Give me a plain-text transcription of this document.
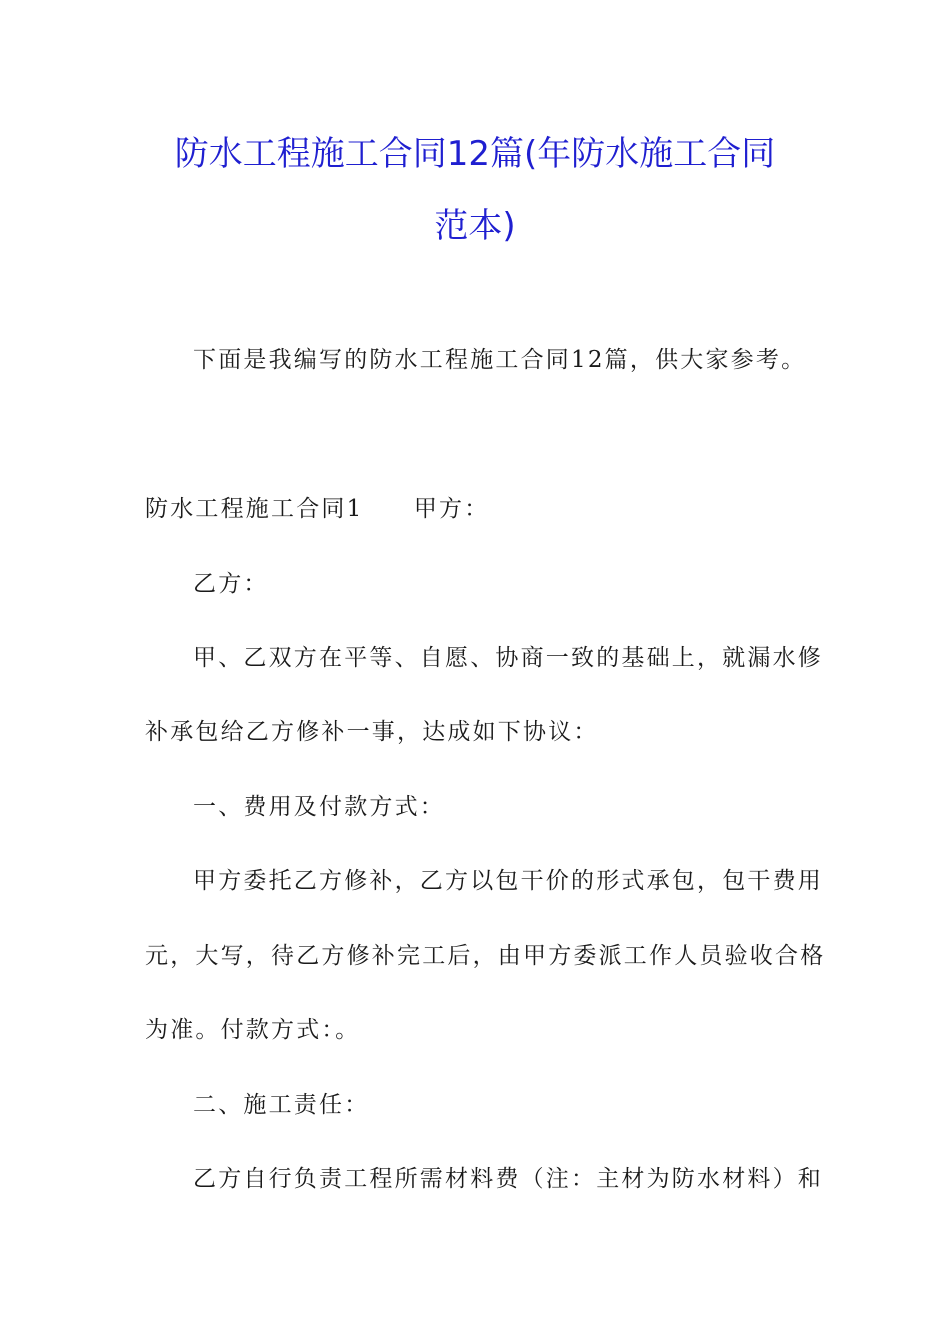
防水工程施工合同12篇(年防水施工合同
范本)
下面是我编写的防水工程施工合同12篇，供大家参考。
防水工程施工合同1　　甲方：
乙方：
甲、乙双方在平等、自愿、协商一致的基础上，就漏水修
补承包给乙方修补一事，达成如下协议：
一、费用及付款方式：
甲方委托乙方修补，乙方以包干价的形式承包，包干费用
元，大写，待乙方修补完工后，由甲方委派工作人员验收合格
为准。付款方式：。
二、施工责任：
乙方自行负责工程所需材料费（注：主材为防水材料）和
